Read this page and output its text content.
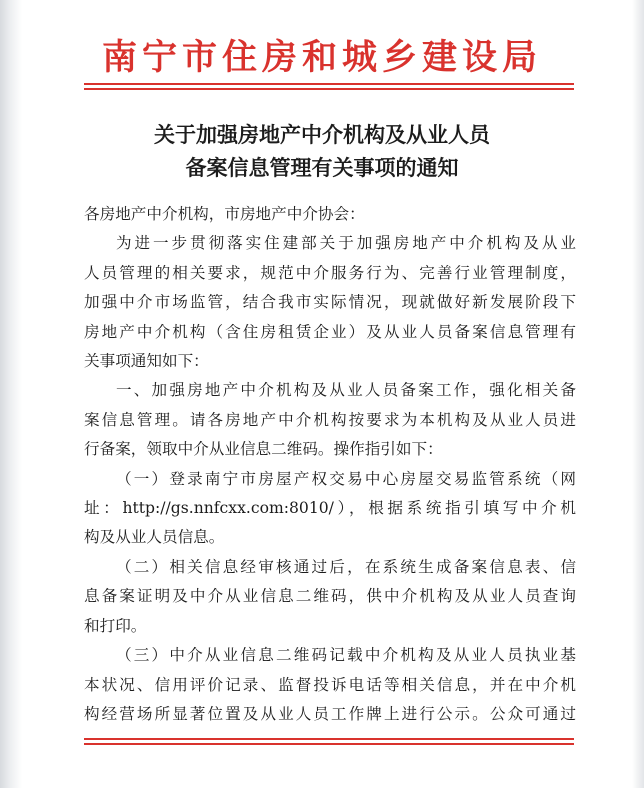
南宁市住房和城乡建设局
关于加强房地产中介机构及从业人员
备案信息管理有关事项的通知
各房地产中介机构，市房地产中介协会：
为进一步贯彻落实住建部关于加强房地产中介机构及从业
人员管理的相关要求，规范中介服务行为、完善行业管理制度，
加强中介市场监管，结合我市实际情况，现就做好新发展阶段下
房地产中介机构（含住房租赁企业）及从业人员备案信息管理有
关事项通知如下：
一、加强房地产中介机构及从业人员备案工作，强化相关备
案信息管理。请各房地产中介机构按要求为本机构及从业人员进
行备案，领取中介从业信息二维码。操作指引如下：
（一）登录南宁市房屋产权交易中心房屋交易监管系统（网
址：http://gs.nnfcxx.com:8010/），根据系统指引填写中介机
构及从业人员信息。
（二）相关信息经审核通过后，在系统生成备案信息表、信
息备案证明及中介从业信息二维码，供中介机构及从业人员查询
和打印。
（三）中介从业信息二维码记载中介机构及从业人员执业基
本状况、信用评价记录、监督投诉电话等相关信息，并在中介机
构经营场所显著位置及从业人员工作牌上进行公示。公众可通过
